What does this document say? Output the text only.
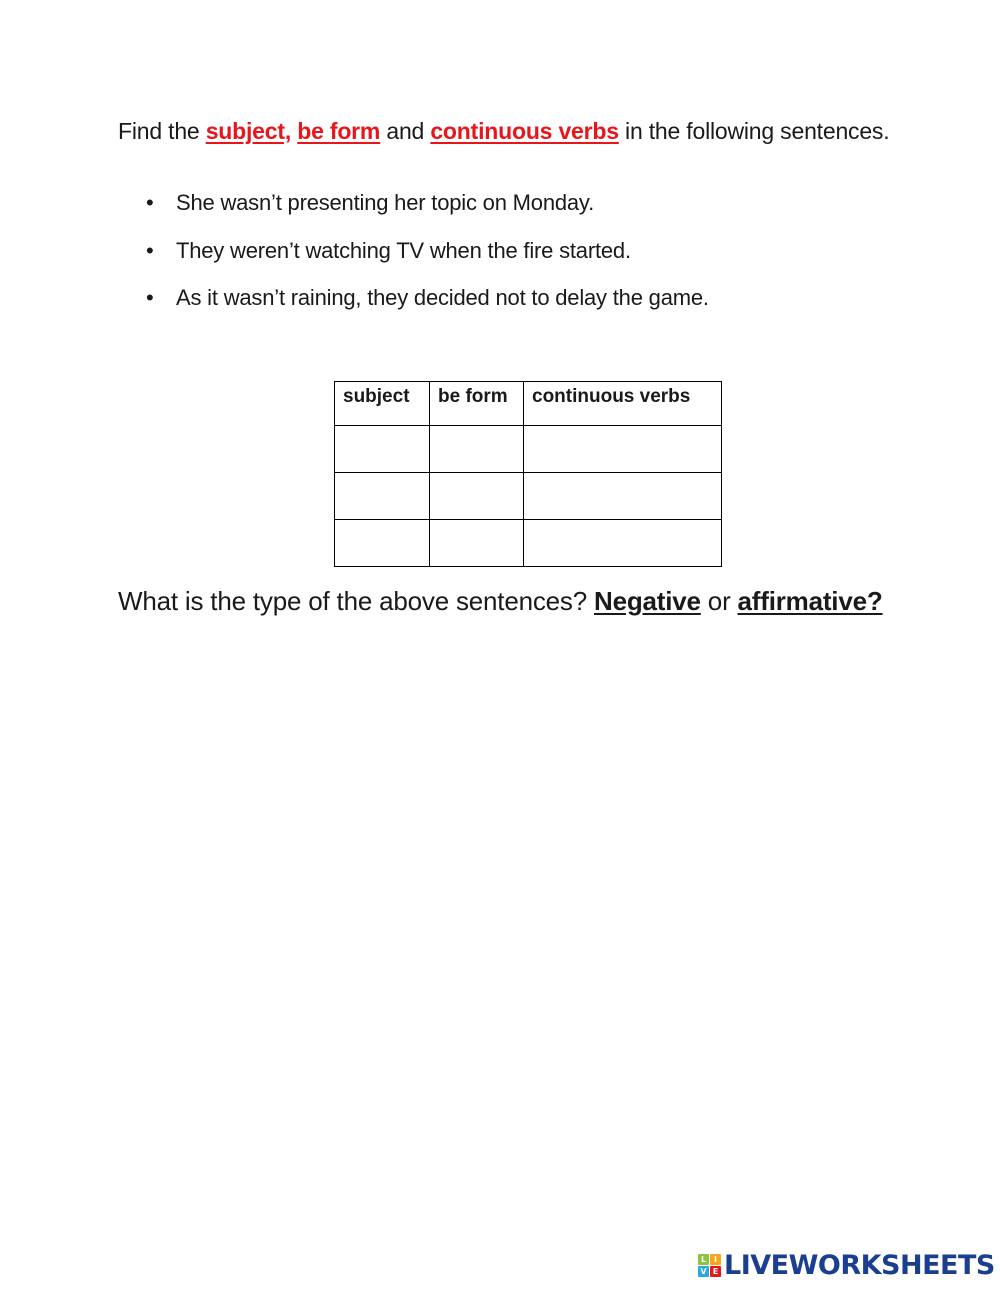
Find the subject, be form and continuous verbs in the following sentences.
• She wasn’t presenting her topic on Monday.
• They weren’t watching TV when the fire started.
• As it wasn’t raining, they decided not to delay the game.
subject	be form	continuous verbs

What is the type of the above sentences? Negative or affirmative?
L I
V E LIVEWORKSHEETS
